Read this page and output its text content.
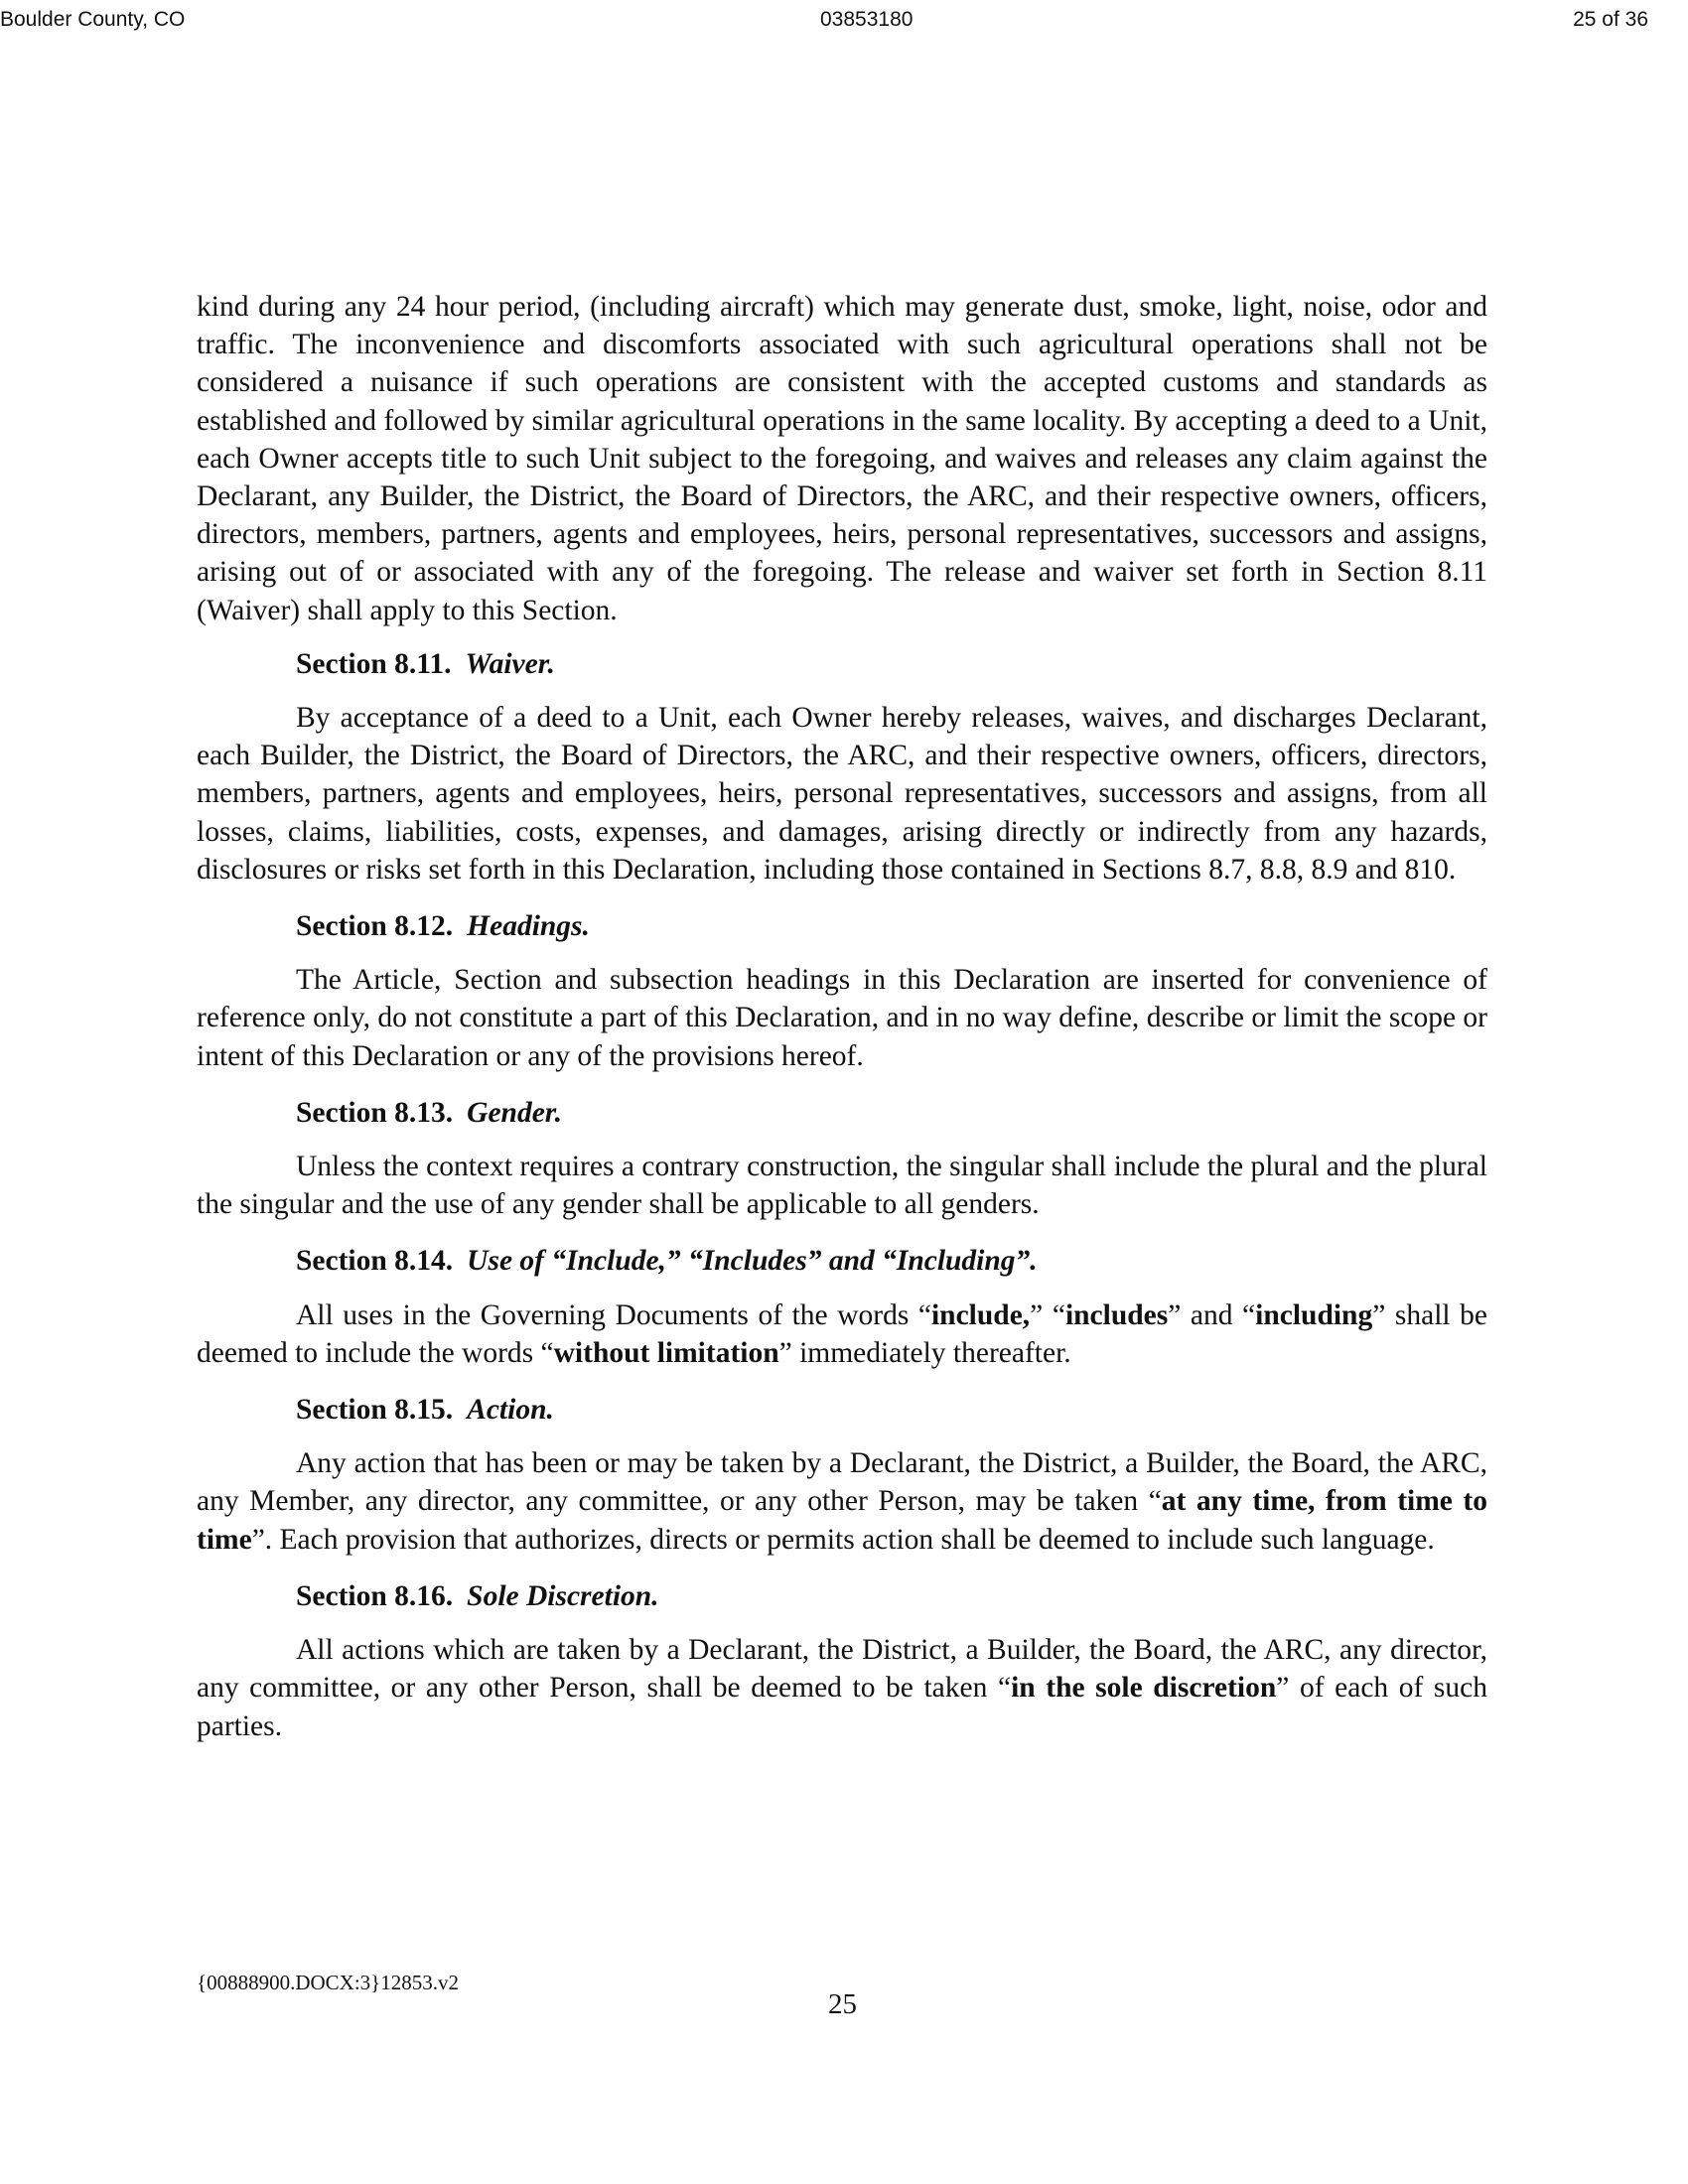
Boulder County, CO	03853180	25 of 36

kind during any 24 hour period, (including aircraft) which may generate dust, smoke, light, noise, odor and traffic. The inconvenience and discomforts associated with such agricultural operations shall not be considered a nuisance if such operations are consistent with the accepted customs and standards as established and followed by similar agricultural operations in the same locality. By accepting a deed to a Unit, each Owner accepts title to such Unit subject to the foregoing, and waives and releases any claim against the Declarant, any Builder, the District, the Board of Directors, the ARC, and their respective owners, officers, directors, members, partners, agents and employees, heirs, personal representatives, successors and assigns, arising out of or associated with any of the foregoing. The release and waiver set forth in Section 8.11 (Waiver) shall apply to this Section.

Section 8.11. Waiver.

By acceptance of a deed to a Unit, each Owner hereby releases, waives, and discharges Declarant, each Builder, the District, the Board of Directors, the ARC, and their respective owners, officers, directors, members, partners, agents and employees, heirs, personal representatives, successors and assigns, from all losses, claims, liabilities, costs, expenses, and damages, arising directly or indirectly from any hazards, disclosures or risks set forth in this Declaration, including those contained in Sections 8.7, 8.8, 8.9 and 810.

Section 8.12. Headings.

The Article, Section and subsection headings in this Declaration are inserted for convenience of reference only, do not constitute a part of this Declaration, and in no way define, describe or limit the scope or intent of this Declaration or any of the provisions hereof.

Section 8.13. Gender.

Unless the context requires a contrary construction, the singular shall include the plural and the plural the singular and the use of any gender shall be applicable to all genders.

Section 8.14. Use of “Include,” “Includes” and “Including”.

All uses in the Governing Documents of the words “include,” “includes” and “including” shall be deemed to include the words “without limitation” immediately thereafter.

Section 8.15. Action.

Any action that has been or may be taken by a Declarant, the District, a Builder, the Board, the ARC, any Member, any director, any committee, or any other Person, may be taken “at any time, from time to time”. Each provision that authorizes, directs or permits action shall be deemed to include such language.

Section 8.16. Sole Discretion.

All actions which are taken by a Declarant, the District, a Builder, the Board, the ARC, any director, any committee, or any other Person, shall be deemed to be taken “in the sole discretion” of each of such parties.

{00888900.DOCX:3}12853.v2
25
